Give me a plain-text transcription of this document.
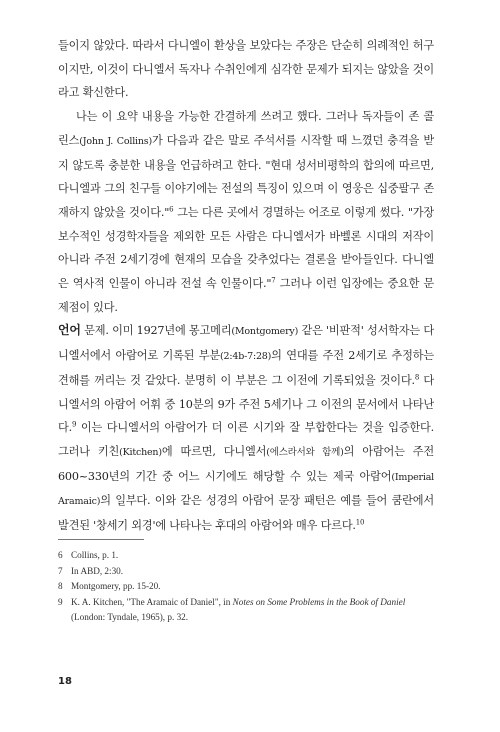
들이지 않았다. 따라서 다니엘이 환상을 보았다는 주장은 단순히 의례적인 허구이지만, 이것이 다니엘서 독자나 수취인에게 심각한 문제가 되지는 않았을 것이라고 확신한다.

나는 이 요약 내용을 가능한 간결하게 쓰려고 했다. 그러나 독자들이 존 콜린스(John J. Collins)가 다음과 같은 말로 주석서를 시작할 때 느꼈던 충격을 받지 않도록 충분한 내용을 언급하려고 한다. "현대 성서비평학의 합의에 따르면, 다니엘과 그의 친구들 이야기에는 전설의 특징이 있으며 이 영웅은 십중팔구 존재하지 않았을 것이다."$^6$ 그는 다른 곳에서 경멸하는 어조로 이렇게 썼다. "가장 보수적인 성경학자들을 제외한 모든 사람은 다니엘서가 바벨론 시대의 저작이 아니라 주전 2세기경에 현재의 모습을 갖추었다는 결론을 받아들인다. 다니엘은 역사적 인물이 아니라 전설 속 인물이다."$^7$ 그러나 이런 입장에는 중요한 문제점이 있다.

언어 문제. 이미 1927년에 몽고메리(Montgomery) 같은 '비판적' 성서학자는 다니엘서에서 아람어로 기록된 부분(2:4b-7:28)의 연대를 주전 2세기로 추정하는 견해를 꺼리는 것 같았다. 분명히 이 부분은 그 이전에 기록되었을 것이다.$^8$ 다니엘서의 아람어 어휘 중 10분의 9가 주전 5세기나 그 이전의 문서에서 나타난다.$^9$ 이는 다니엘서의 아람어가 더 이른 시기와 잘 부합한다는 것을 입증한다. 그러나 키친(Kitchen)에 따르면, 다니엘서(에스라서와 함께)의 아람어는 주전 600~330년의 기간 중 어느 시기에도 해당할 수 있는 제국 아람어(Imperial Aramaic)의 일부다. 이와 같은 성경의 아람어 문장 패턴은 예를 들어 쿰란에서 발견된 '창세기 외경'에 나타나는 후대의 아람어와 매우 다르다.$^{10}$

6 Collins, p. 1.
7 In ABD, 2:30.
8 Montgomery, pp. 15-20.
9 K. A. Kitchen, "The Aramaic of Daniel", in Notes on Some Problems in the Book of Daniel (London: Tyndale, 1965), p. 32.
18
